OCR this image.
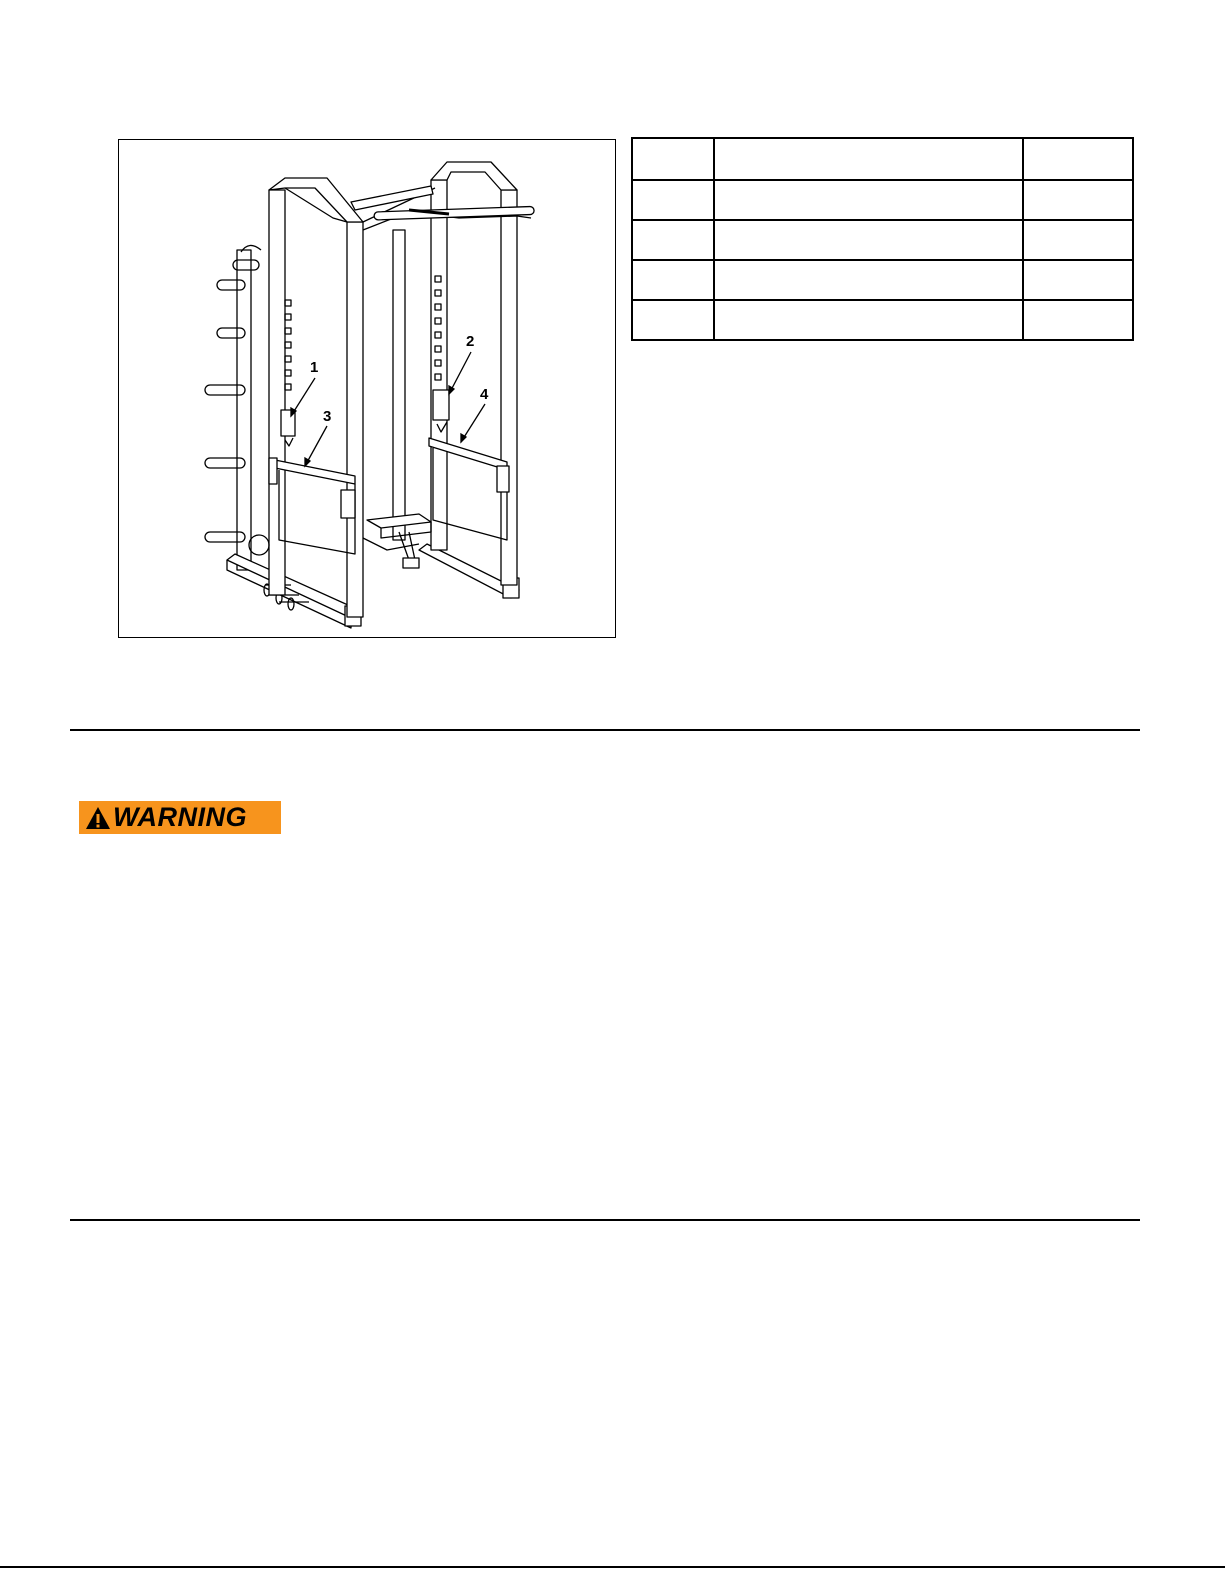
1
3
2
4

WARNING
